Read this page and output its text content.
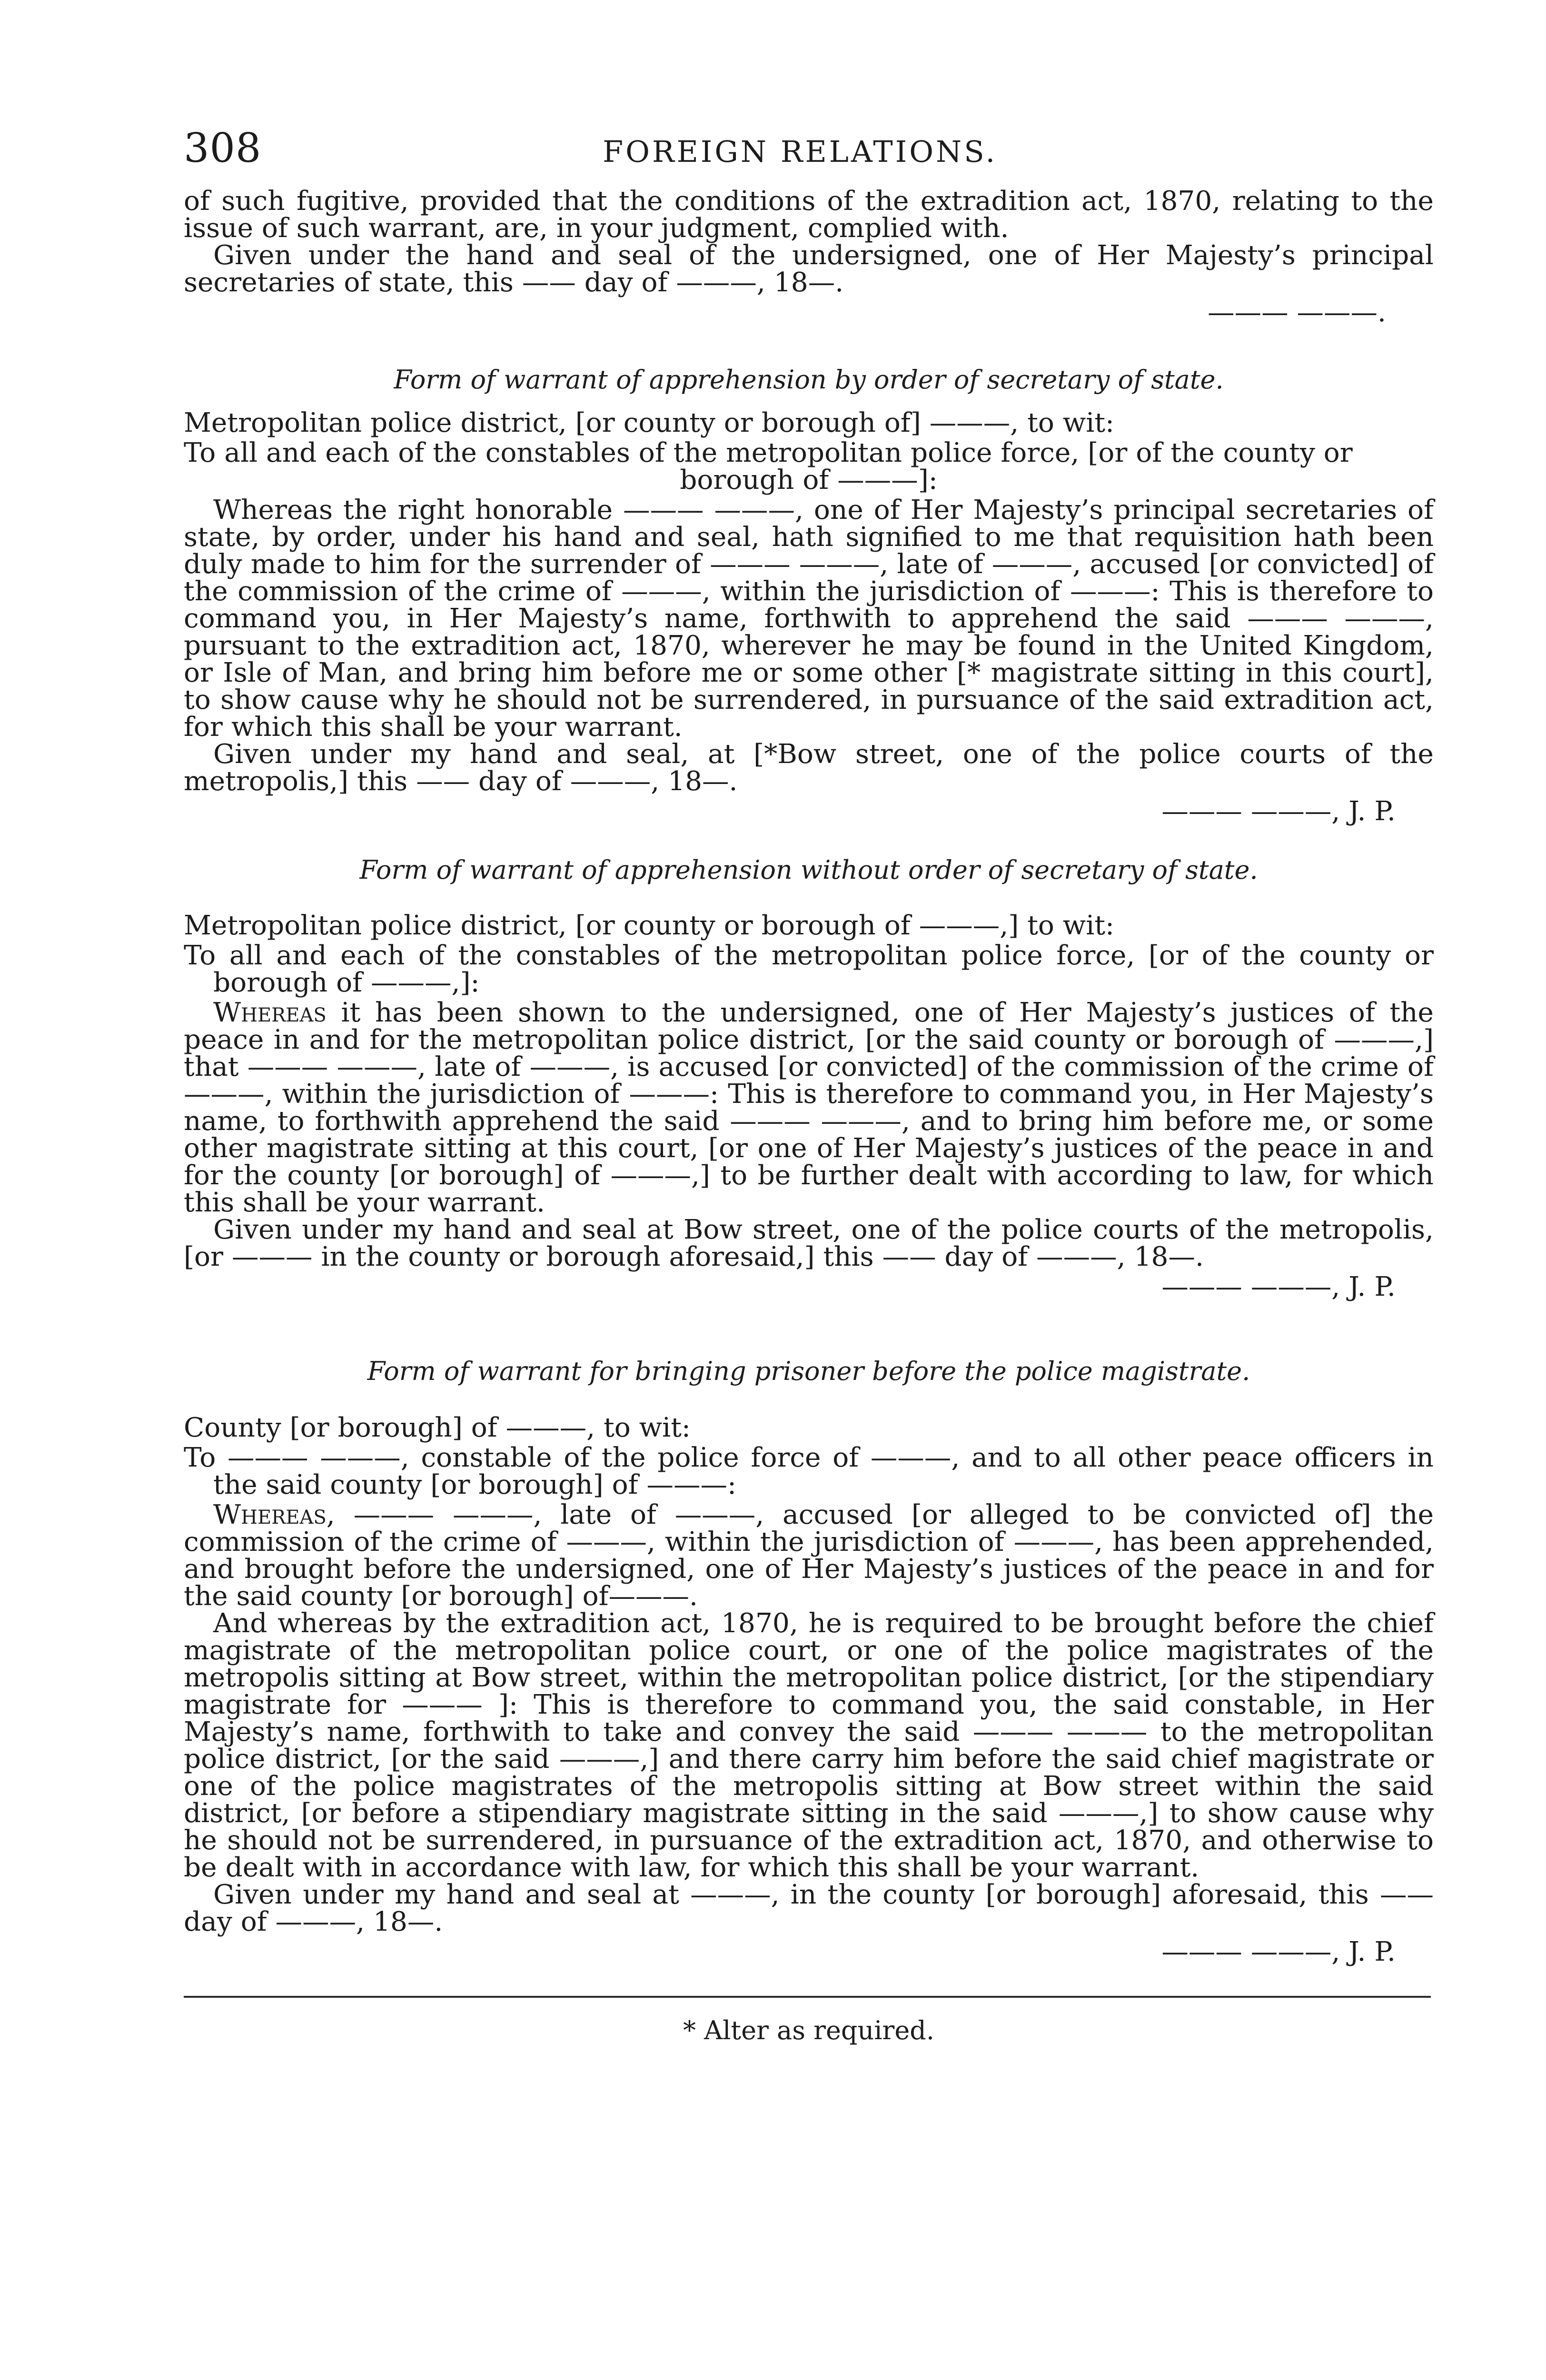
308	FOREIGN RELATIONS.

of such fugitive, provided that the conditions of the extradition act, 1870, relating to the issue of such warrant, are, in your judgment, complied with.

Given under the hand and seal of the undersigned, one of Her Majesty’s principal secretaries of state, this —— day of ———, 18—.

——— ———.

Form of warrant of apprehension by order of secretary of state.

Metropolitan police district, [or county or borough of] ———, to wit:

To all and each of the constables of the metropolitan police force, [or of the county or

borough of ———]:

Whereas the right honorable ——— ———, one of Her Majesty’s principal secretaries of state, by order, under his hand and seal, hath signified to me that requisition hath been duly made to him for the surrender of ——— ———, late of ———, accused [or convicted] of the commission of the crime of ———, within the jurisdiction of ———: This is therefore to command you, in Her Majesty’s name, forthwith to apprehend the said ——— ———, pursuant to the extradition act, 1870, wherever he may be found in the United Kingdom, or Isle of Man, and bring him before me or some other [* magistrate sitting in this court], to show cause why he should not be surrendered, in pursuance of the said extradition act, for which this shall be your warrant.

Given under my hand and seal, at [*Bow street, one of the police courts of the metropolis,] this —— day of ———, 18—.

——— ———, J. P.

Form of warrant of apprehension without order of secretary of state.

Metropolitan police district, [or county or borough of ———,] to wit:

To all and each of the constables of the metropolitan police force, [or of the county or borough of ———,]:

Whereas it has been shown to the undersigned, one of Her Majesty’s justices of the peace in and for the metropolitan police district, [or the said county or borough of ———,] that ——— ———, late of ———, is accused [or convicted] of the commission of the crime of ———, within the jurisdiction of ———: This is therefore to command you, in Her Majesty’s name, to forthwith apprehend the said ——— ———, and to bring him before me, or some other magistrate sitting at this court, [or one of Her Majesty’s justices of the peace in and for the county [or borough] of ———,] to be further dealt with according to law, for which this shall be your warrant.

Given under my hand and seal at Bow street, one of the police courts of the metropolis, [or ——— in the county or borough aforesaid,] this —— day of ———, 18—.

——— ———, J. P.

Form of warrant for bringing prisoner before the police magistrate.

County [or borough] of ———, to wit:

To ——— ———, constable of the police force of ———, and to all other peace officers in the said county [or borough] of ———:

Whereas, ——— ———, late of ———, accused [or alleged to be convicted of] the commission of the crime of ———, within the jurisdiction of ———, has been apprehended, and brought before the undersigned, one of Her Majesty’s justices of the peace in and for the said county [or borough] of———.

And whereas by the extradition act, 1870, he is required to be brought before the chief magistrate of the metropolitan police court, or one of the police magistrates of the metropolis sitting at Bow street, within the metropolitan police district, [or the stipendiary magistrate for ——— ]: This is therefore to command you, the said constable, in Her Majesty’s name, forthwith to take and convey the said ——— ——— to the metropolitan police district, [or the said ———,] and there carry him before the said chief magistrate or one of the police magistrates of the metropolis sitting at Bow street within the said district, [or before a stipendiary magistrate sitting in the said ———,] to show cause why he should not be surrendered, in pursuance of the extradition act, 1870, and otherwise to be dealt with in accordance with law, for which this shall be your warrant.

Given under my hand and seal at ———, in the county [or borough] aforesaid, this —— day of ———, 18—.

——— ———, J. P.

* Alter as required.
